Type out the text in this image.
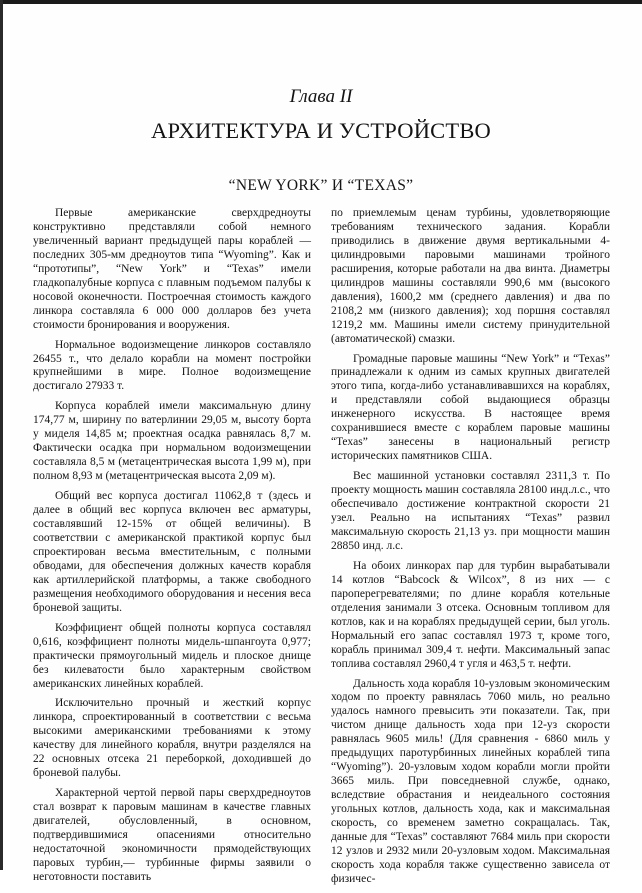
Глава II
АРХИТЕКТУРА И УСТРОЙСТВО
“NEW YORK” И “TEXAS”

Первые американские сверхдредноуты конструктивно представляли собой немного увеличенный вариант предыдущей пары кораблей — последних 305-мм дредноутов типа “Wyoming”. Как и “прототипы”, “New York” и “Texas” имели гладкопалубные корпуса с плавным подъемом палубы к носовой оконечности. Построечная стоимость каждого линкора составляла 6 000 000 долларов без учета стоимости бронирования и вооружения.

Нормальное водоизмещение линкоров составляло 26455 т., что делало корабли на момент постройки крупнейшими в мире. Полное водоизмещение достигало 27933 т.

Корпуса кораблей имели максимальную длину 174,77 м, ширину по ватерлинии 29,05 м, высоту борта у миделя 14,85 м; проектная осадка равнялась 8,7 м. Фактически осадка при нормальном водоизмещении составляла 8,5 м (метацентрическая высота 1,99 м), при полном 8,93 м (метацентрическая высота 2,09 м).

Общий вес корпуса достигал 11062,8 т (здесь и далее в общий вес корпуса включен вес арматуры, составлявший 12-15% от общей величины). В соответствии с американской практикой корпус был спроектирован весьма вместительным, с полными обводами, для обеспечения должных качеств корабля как артиллерийской платформы, а также свободного размещения необходимого оборудования и несения веса броневой защиты.

Коэффициент общей полноты корпуса составлял 0,616, коэффициент полноты мидель-шпангоута 0,977; практически прямоугольный мидель и плоское днище без килеватости было характерным свойством американских линейных кораблей.

Исключительно прочный и жесткий корпус линкора, спроектированный в соответствии с весьма высокими американскими требованиями к этому качеству для линейного корабля, внутри разделялся на 22 основных отсека 21 переборкой, доходившей до броневой палубы.

Характерной чертой первой пары сверхдредноутов стал возврат к паровым машинам в качестве главных двигателей, обусловленный, в основном, подтвердившимися опасениями относительно недостаточной экономичности прямодействующих паровых турбин,— турбинные фирмы заявили о неготовности поставить

по приемлемым ценам турбины, удовлетворяющие требованиям технического задания. Корабли приводились в движение двумя вертикальными 4-цилиндровыми паровыми машинами тройного расширения, которые работали на два винта. Диаметры цилиндров машины составляли 990,6 мм (высокого давления), 1600,2 мм (среднего давления) и два по 2108,2 мм (низкого давления); ход поршня составлял 1219,2 мм. Машины имели систему принудительной (автоматической) смазки.

Громадные паровые машины “New York” и “Texas” принадлежали к одним из самых крупных двигателей этого типа, когда-либо устанавливавшихся на кораблях, и представляли собой выдающиеся образцы инженерного искусства. В настоящее время сохранившиеся вместе с кораблем паровые машины “Texas” занесены в национальный регистр исторических памятников США.

Вес машинной установки составлял 2311,3 т. По проекту мощность машин составляла 28100 инд.л.с., что обеспечивало достижение контрактной скорости 21 узел. Реально на испытаниях “Texas” развил максимальную скорость 21,13 уз. при мощности машин 28850 инд. л.с.

На обоих линкорах пар для турбин вырабатывали 14 котлов “Babcock & Wilcox”, 8 из них — с пароперегревателями; по длине корабля котельные отделения занимали 3 отсека. Основным топливом для котлов, как и на кораблях предыдущей серии, был уголь. Нормальный его запас составлял 1973 т, кроме того, корабль принимал 309,4 т. нефти. Максимальный запас топлива составлял 2960,4 т угля и 463,5 т. нефти.

Дальность хода корабля 10-узловым экономическим ходом по проекту равнялась 7060 миль, но реально удалось намного превысить эти показатели. Так, при чистом днище дальность хода при 12-уз скорости равнялась 9605 миль! (Для сравнения - 6860 миль у предыдущих паротурбинных линейных кораблей типа “Wyoming”). 20-узловым ходом корабли могли пройти 3665 миль. При повседневной службе, однако, вследствие обрастания и неидеального состояния угольных котлов, дальность хода, как и максимальная скорость, со временем заметно сокращалась. Так, данные для “Texas” составляют 7684 миль при скорости 12 узлов и 2932 мили 20-узловым ходом. Максимальная скорость хода корабля также существенно зависела от физичес-
